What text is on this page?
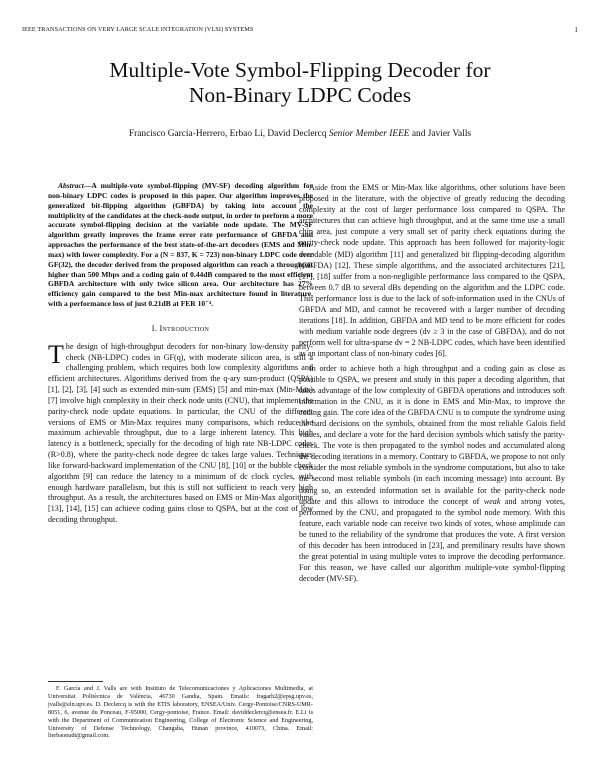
IEEE TRANSACTIONS ON VERY LARGE SCALE INTEGRATION (VLSI) SYSTEMS	1
Multiple-Vote Symbol-Flipping Decoder for
Non-Binary LDPC Codes
Francisco García-Herrero, Erbao Li, David Declercq Senior Member IEEE and Javier Valls

Abstract—A multiple-vote symbol-flipping (MV-SF) decoding algorithm for non-binary LDPC codes is proposed in this paper. Our algorithm improves the generalized bit-flipping algorithm (GBFDA) by taking into account the multiplicity of the candidates at the check-node output, in order to perform a more accurate symbol-flipping decision at the variable node update. The MV-SF algorithm greatly improves the frame error rate performance of GBFDA and approaches the performance of the best state-of-the-art decoders (EMS and Min-max) with lower complexity. For a (N = 837, K = 723) non-binary LDPC code over GF(32), the decoder derived from the proposed algorithm can reach a throughput higher than 500 Mbps and a coding gain of 0.44dB compared to the most efficient GBFDA architecture with only twice silicon area. Our architecture has 27% efficiency gain compared to the best Min-max architecture found in literature, with a performance loss of just 0.21dB at FER 10⁻⁴.

I. Introduction

The design of high-throughput decoders for non-binary low-density parity-check (NB-LDPC) codes in GF(q), with moderate silicon area, is still a challenging problem, which requires both low complexity algorithms and efficient architectures. Algorithms derived from the q-ary sum-product (QSPA) [1], [2], [3], [4] such as extended min-sum (EMS) [5] and min-max (Min-Max) [7] involve high complexity in their check node units (CNU), that implement the parity-check node update equations. In particular, the CNU of the different versions of EMS or Min-Max requires many comparisons, which reduce the maximum achievable throughput, due to a large inherent latency. This high latency is a bottleneck, specially for the decoding of high rate NB-LDPC codes (R>0.8), where the parity-check node degree dc takes large values. Techniques like forward-backward implementation of the CNU [8], [10] or the bubble check algorithm [9] can reduce the latency to a minimum of dc clock cycles, with enough hardware parallelism, but this is still not sufficient to reach very high throughput. As a result, the architectures based on EMS or Min-Max algorithms [13], [14], [15] can achieve coding gains close to QSPA, but at the cost of low decoding throughput.

Aside from the EMS or Min-Max like algorithms, other solutions have been proposed in the literature, with the objective of greatly reducing the decoding complexity at the cost of larger performance loss compared to QSPA. The architectures that can achieve high throughput, and at the same time use a small chip area, just compute a very small set of parity check equations during the parity-check node update. This approach has been followed for majority-logic decodable (MD) algorithm [11] and generalized bit flipping-decoding algorithm (GBFDA) [12]. These simple algorithms, and the associated architectures [21], [17], [18] suffer from a non-negligible performance loss compared to the QSPA, between 0.7 dB to several dBs depending on the algorithm and the LDPC code. This performance loss is due to the lack of soft-information used in the CNUs of GBFDA and MD, and cannot be recovered with a larger number of decoding iterations [18]. In addition, GBFDA and MD tend to be more efficient for codes with medium variable node degrees (dv ≥ 3 in the case of GBFDA), and do not perform well for ultra-sparse dv = 2 NB-LDPC codes, which have been identified as an important class of non-binary codes [6].

In order to achieve both a high throughput and a coding gain as close as possible to QSPA, we present and study in this paper a decoding algorithm, that takes advantage of the low complexity of GBFDA operations and introduces soft information in the CNU, as it is done in EMS and Min-Max, to improve the coding gain. The core idea of the GBFDA CNU is to compute the syndrome using the hard decisions on the symbols, obtained from the most reliable Galois field values, and declare a vote for the hard decision symbols which satisfy the parity-check. The vote is then propagated to the symbol nodes and accumulated along the decoding iterations in a memory. Contrary to GBFDA, we propose to not only consider the most reliable symbols in the syndrome computations, but also to take the second most reliable symbols (in each incoming message) into account. By doing so, an extended information set is available for the parity-check node update and this allows to introduce the concept of weak and strong votes, performed by the CNU, and propagated to the symbol node memory. With this feature, each variable node can receive two kinds of votes, whose amplitude can be tuned to the reliability of the syndrome that produces the vote. A first version of this decoder has been introduced in [23], and premilinary results have shown the great potential in using multiple votes to improve the decoding performance. For this reason, we have called our algorithm multiple-vote symbol-flipping decoder (MV-SF).

F. García and J. Valls are with Instituto de Telecomunicaciones y Aplicaciones Multimedia, at Universitat Politècnica de València, 46730 Gandia, Spain. Emails: fragarh2@epsg.upv.es, jvalls@eln.upv.es. D. Declercq is with the ETIS laboratory, ENSEA/Univ. Cergy-Pontoise/CNRS-UMR-8051, 6, avenue du Ponceau, F-95000, Cergy-pontoise, France. Email: daviddeclercq@ensea.fr. E.Li is with the Department of Communication Engineering, College of Electronic Science and Engineering, University of Defense Technology, Changsha, Hunan province, 410073, China. Email: lierbaonudt@gmail.com.
